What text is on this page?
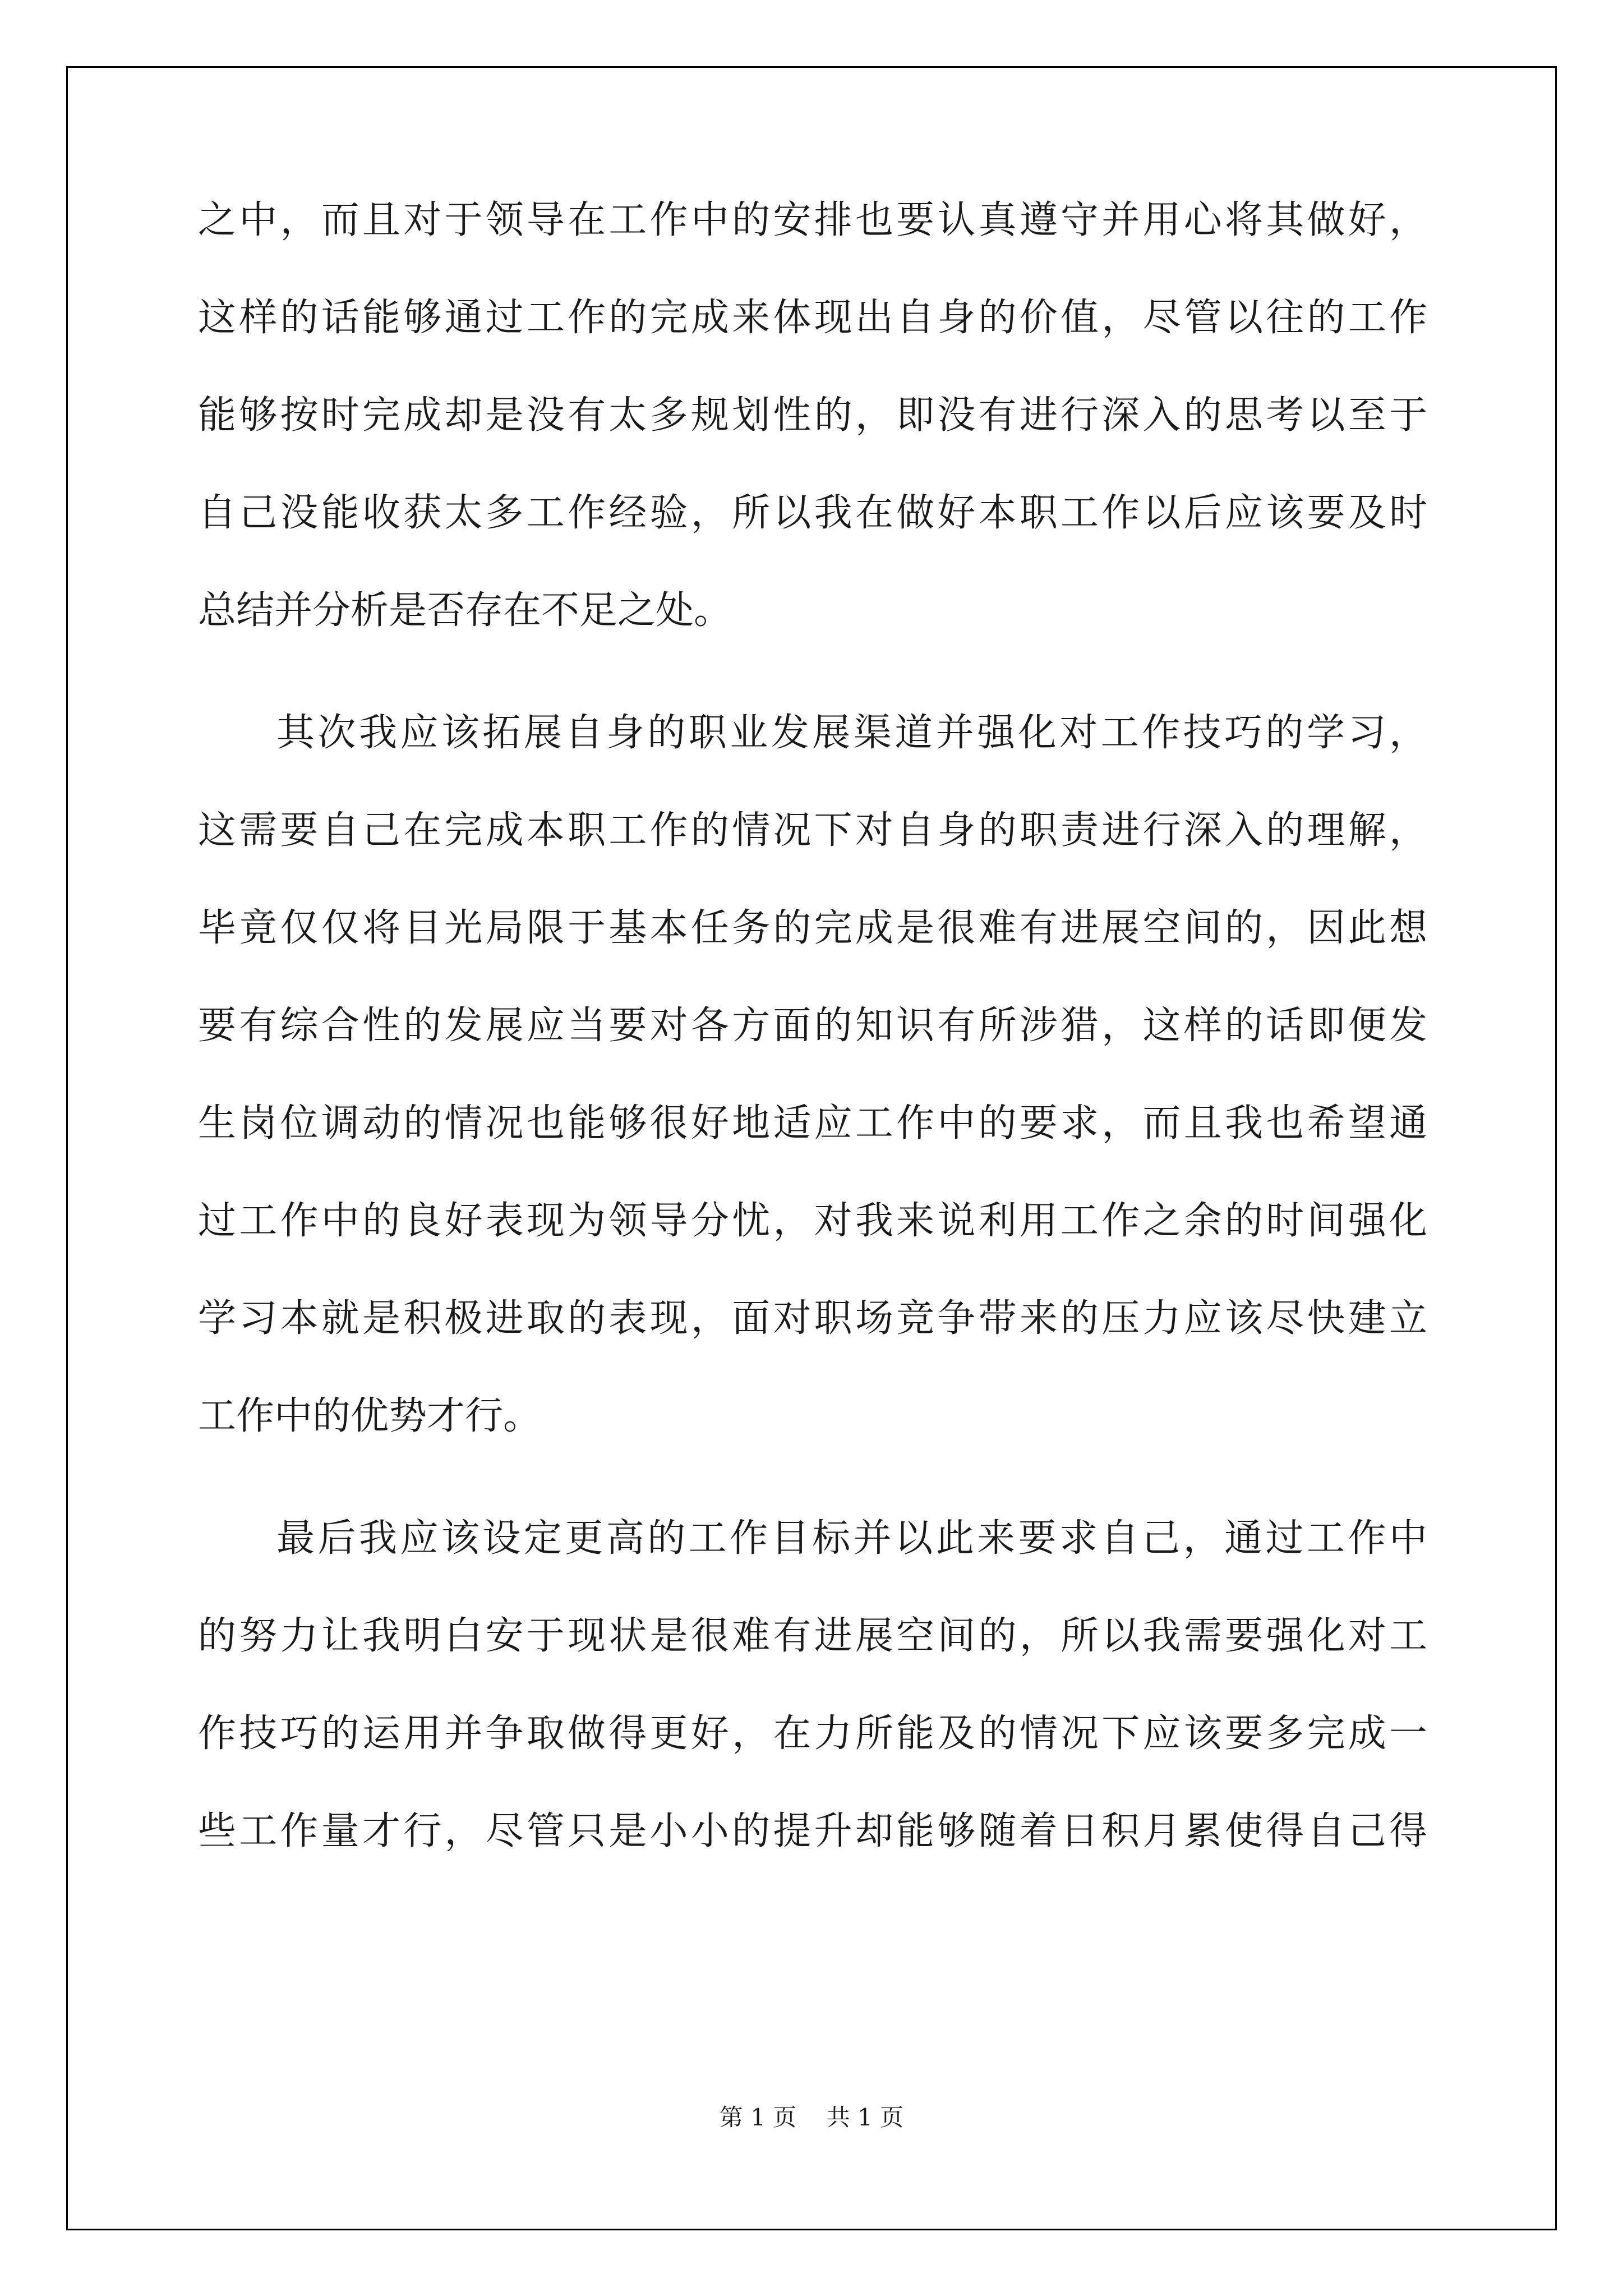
之中，而且对于领导在工作中的安排也要认真遵守并用心将其做好，
这样的话能够通过工作的完成来体现出自身的价值，尽管以往的工作
能够按时完成却是没有太多规划性的，即没有进行深入的思考以至于
自己没能收获太多工作经验，所以我在做好本职工作以后应该要及时
总结并分析是否存在不足之处。
其次我应该拓展自身的职业发展渠道并强化对工作技巧的学习，
这需要自己在完成本职工作的情况下对自身的职责进行深入的理解，
毕竟仅仅将目光局限于基本任务的完成是很难有进展空间的，因此想
要有综合性的发展应当要对各方面的知识有所涉猎，这样的话即便发
生岗位调动的情况也能够很好地适应工作中的要求，而且我也希望通
过工作中的良好表现为领导分忧，对我来说利用工作之余的时间强化
学习本就是积极进取的表现，面对职场竞争带来的压力应该尽快建立
工作中的优势才行。
最后我应该设定更高的工作目标并以此来要求自己，通过工作中
的努力让我明白安于现状是很难有进展空间的，所以我需要强化对工
作技巧的运用并争取做得更好，在力所能及的情况下应该要多完成一
些工作量才行，尽管只是小小的提升却能够随着日积月累使得自己得
第 1 页 共 1 页
